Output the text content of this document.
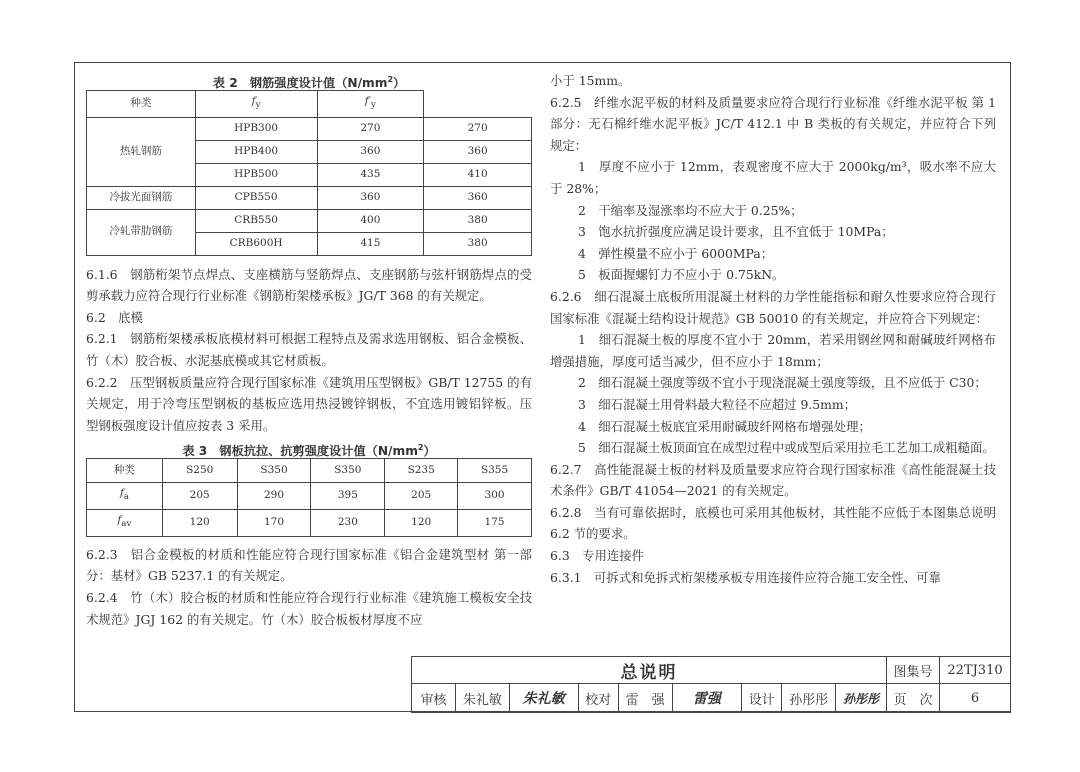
表 2　钢筋强度设计值$(N/mm^2)$
种类	$f_y$	$f'_y$
热轧钢筋	HPB300	270	270
	HPB400	360	360
	HPB500	435	410
冷拔光面钢筋	CPB550	360	360
冷轧带肋钢筋	CRB550	400	380
	CRB600H	415	380

6.1.6　钢筋桁架节点焊点、支座横筋与竖筋焊点、支座钢筋与弦杆钢筋焊点的受剪承载力应符合现行行业标准《钢筋桁架楼承板》JG/T 368 的有关规定。

6.2　底模

6.2.1　钢筋桁架楼承板底模材料可根据工程特点及需求选用钢板、铝合金模板、竹（木）胶合板、水泥基底模或其它材质板。

6.2.2　压型钢板质量应符合现行国家标准《建筑用压型钢板》GB/T 12755 的有关规定，用于冷弯压型钢板的基板应选用热浸镀锌钢板，不宜选用镀铝锌板。压型钢板强度设计值应按表 3 采用。

表 3　钢板抗拉、抗剪强度设计值$(N/mm^2)$
种类	S250	S350	S350	S235	S355
$f_a$	205	290	395	205	300
$f_{av}$	120	170	230	120	175

6.2.3　铝合金模板的材质和性能应符合现行国家标准《铝合金建筑型材 第一部分：基材》GB 5237.1 的有关规定。

6.2.4　竹（木）胶合板的材质和性能应符合现行行业标准《建筑施工模板安全技术规范》JGJ 162 的有关规定。竹（木）胶合板板材厚度不应

小于 15mm。

6.2.5　纤维水泥平板的材料及质量要求应符合现行行业标准《纤维水泥平板 第 1 部分：无石棉纤维水泥平板》JC/T 412.1 中 B 类板的有关规定，并应符合下列规定：

1　厚度不应小于 12mm，表观密度不应大于 2000kg/m³，吸水率不应大于 28%；

2　干缩率及湿涨率均不应大于 0.25%；

3　饱水抗折强度应满足设计要求，且不宜低于 10MPa；

4　弹性模量不应小于 6000MPa；

5　板面握螺钉力不应小于 0.75kN。

6.2.6　细石混凝土底板所用混凝土材料的力学性能指标和耐久性要求应符合现行国家标准《混凝土结构设计规范》GB 50010 的有关规定，并应符合下列规定：

1　细石混凝土板的厚度不宜小于 20mm，若采用钢丝网和耐碱玻纤网格布增强措施，厚度可适当减少，但不应小于 18mm；

2　细石混凝土强度等级不宜小于现浇混凝土强度等级，且不应低于 C30；

3　细石混凝土用骨料最大粒径不应超过 9.5mm；

4　细石混凝土板底宜采用耐碱玻纤网格布增强处理；

5　细石混凝土板顶面宜在成型过程中或成型后采用拉毛工艺加工成粗糙面。

6.2.7　高性能混凝土板的材料及质量要求应符合现行国家标准《高性能混凝土技术条件》GB/T 41054—2021 的有关规定。

6.2.8　当有可靠依据时，底模也可采用其他板材，其性能不应低于本图集总说明 6.2 节的要求。

6.3　专用连接件

6.3.1　可拆式和免拆式桁架楼承板专用连接件应符合施工安全性、可靠

总说明									图集号	22TJ310
审核	朱礼敏	朱礼敏	校对	雷　强	雷强	设计	孙彤彤	孙彤彤	页　次	6
